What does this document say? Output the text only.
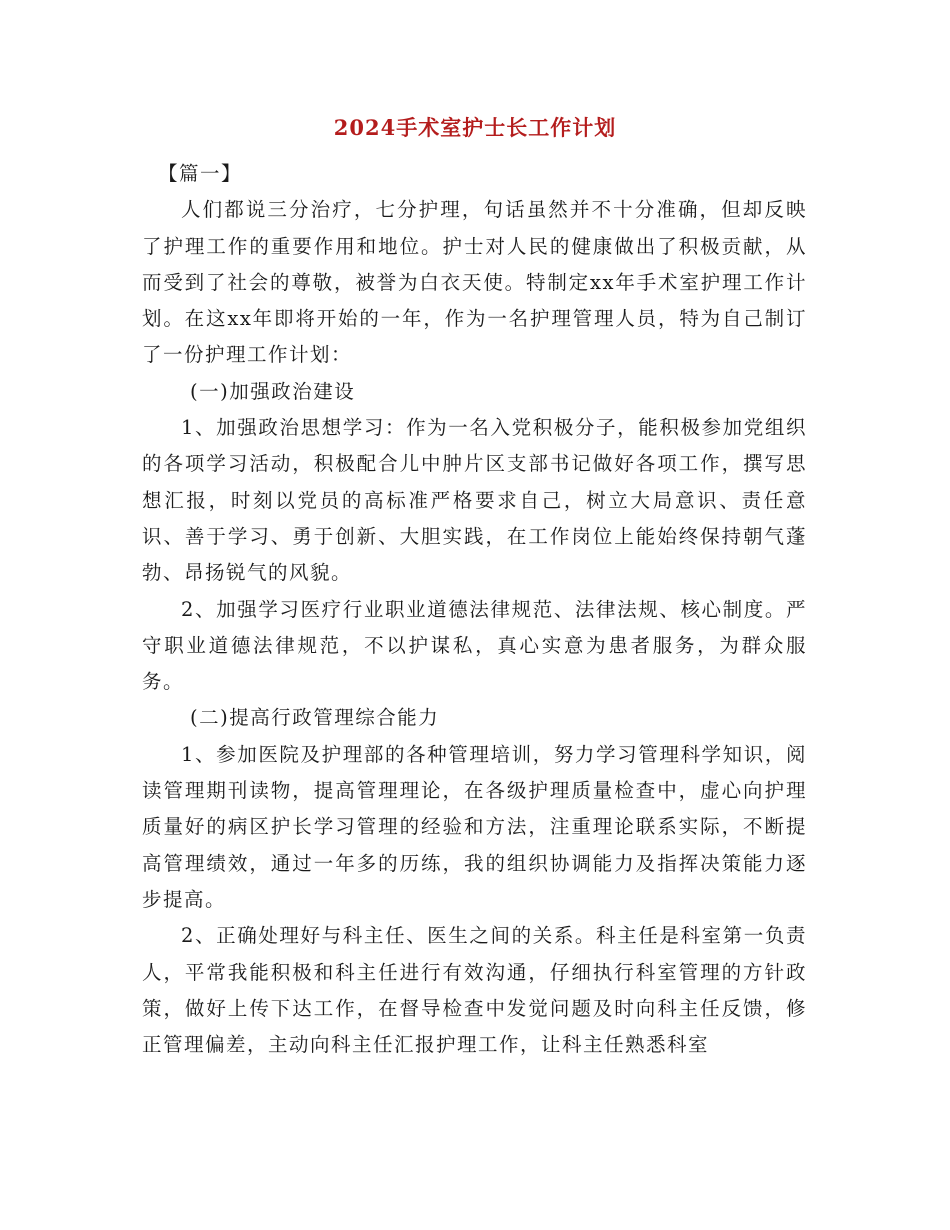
2024手术室护士长工作计划

【篇一】

人们都说三分治疗，七分护理，句话虽然并不十分准确，但却反映了护理工作的重要作用和地位。护士对人民的健康做出了积极贡献，从而受到了社会的尊敬，被誉为白衣天使。特制定xx年手术室护理工作计划。在这xx年即将开始的一年，作为一名护理管理人员，特为自己制订了一份护理工作计划：

(一)加强政治建设

1、加强政治思想学习：作为一名入党积极分子，能积极参加党组织的各项学习活动，积极配合儿中肿片区支部书记做好各项工作，撰写思想汇报，时刻以党员的高标准严格要求自己，树立大局意识、责任意识、善于学习、勇于创新、大胆实践，在工作岗位上能始终保持朝气蓬勃、昂扬锐气的风貌。

2、加强学习医疗行业职业道德法律规范、法律法规、核心制度。严守职业道德法律规范，不以护谋私，真心实意为患者服务，为群众服务。

(二)提高行政管理综合能力

1、参加医院及护理部的各种管理培训，努力学习管理科学知识，阅读管理期刊读物，提高管理理论，在各级护理质量检查中，虚心向护理质量好的病区护长学习管理的经验和方法，注重理论联系实际，不断提高管理绩效，通过一年多的历练，我的组织协调能力及指挥决策能力逐步提高。

2、正确处理好与科主任、医生之间的关系。科主任是科室第一负责人，平常我能积极和科主任进行有效沟通，仔细执行科室管理的方针政策，做好上传下达工作，在督导检查中发觉问题及时向科主任反馈，修正管理偏差，主动向科主任汇报护理工作，让科主任熟悉科室
